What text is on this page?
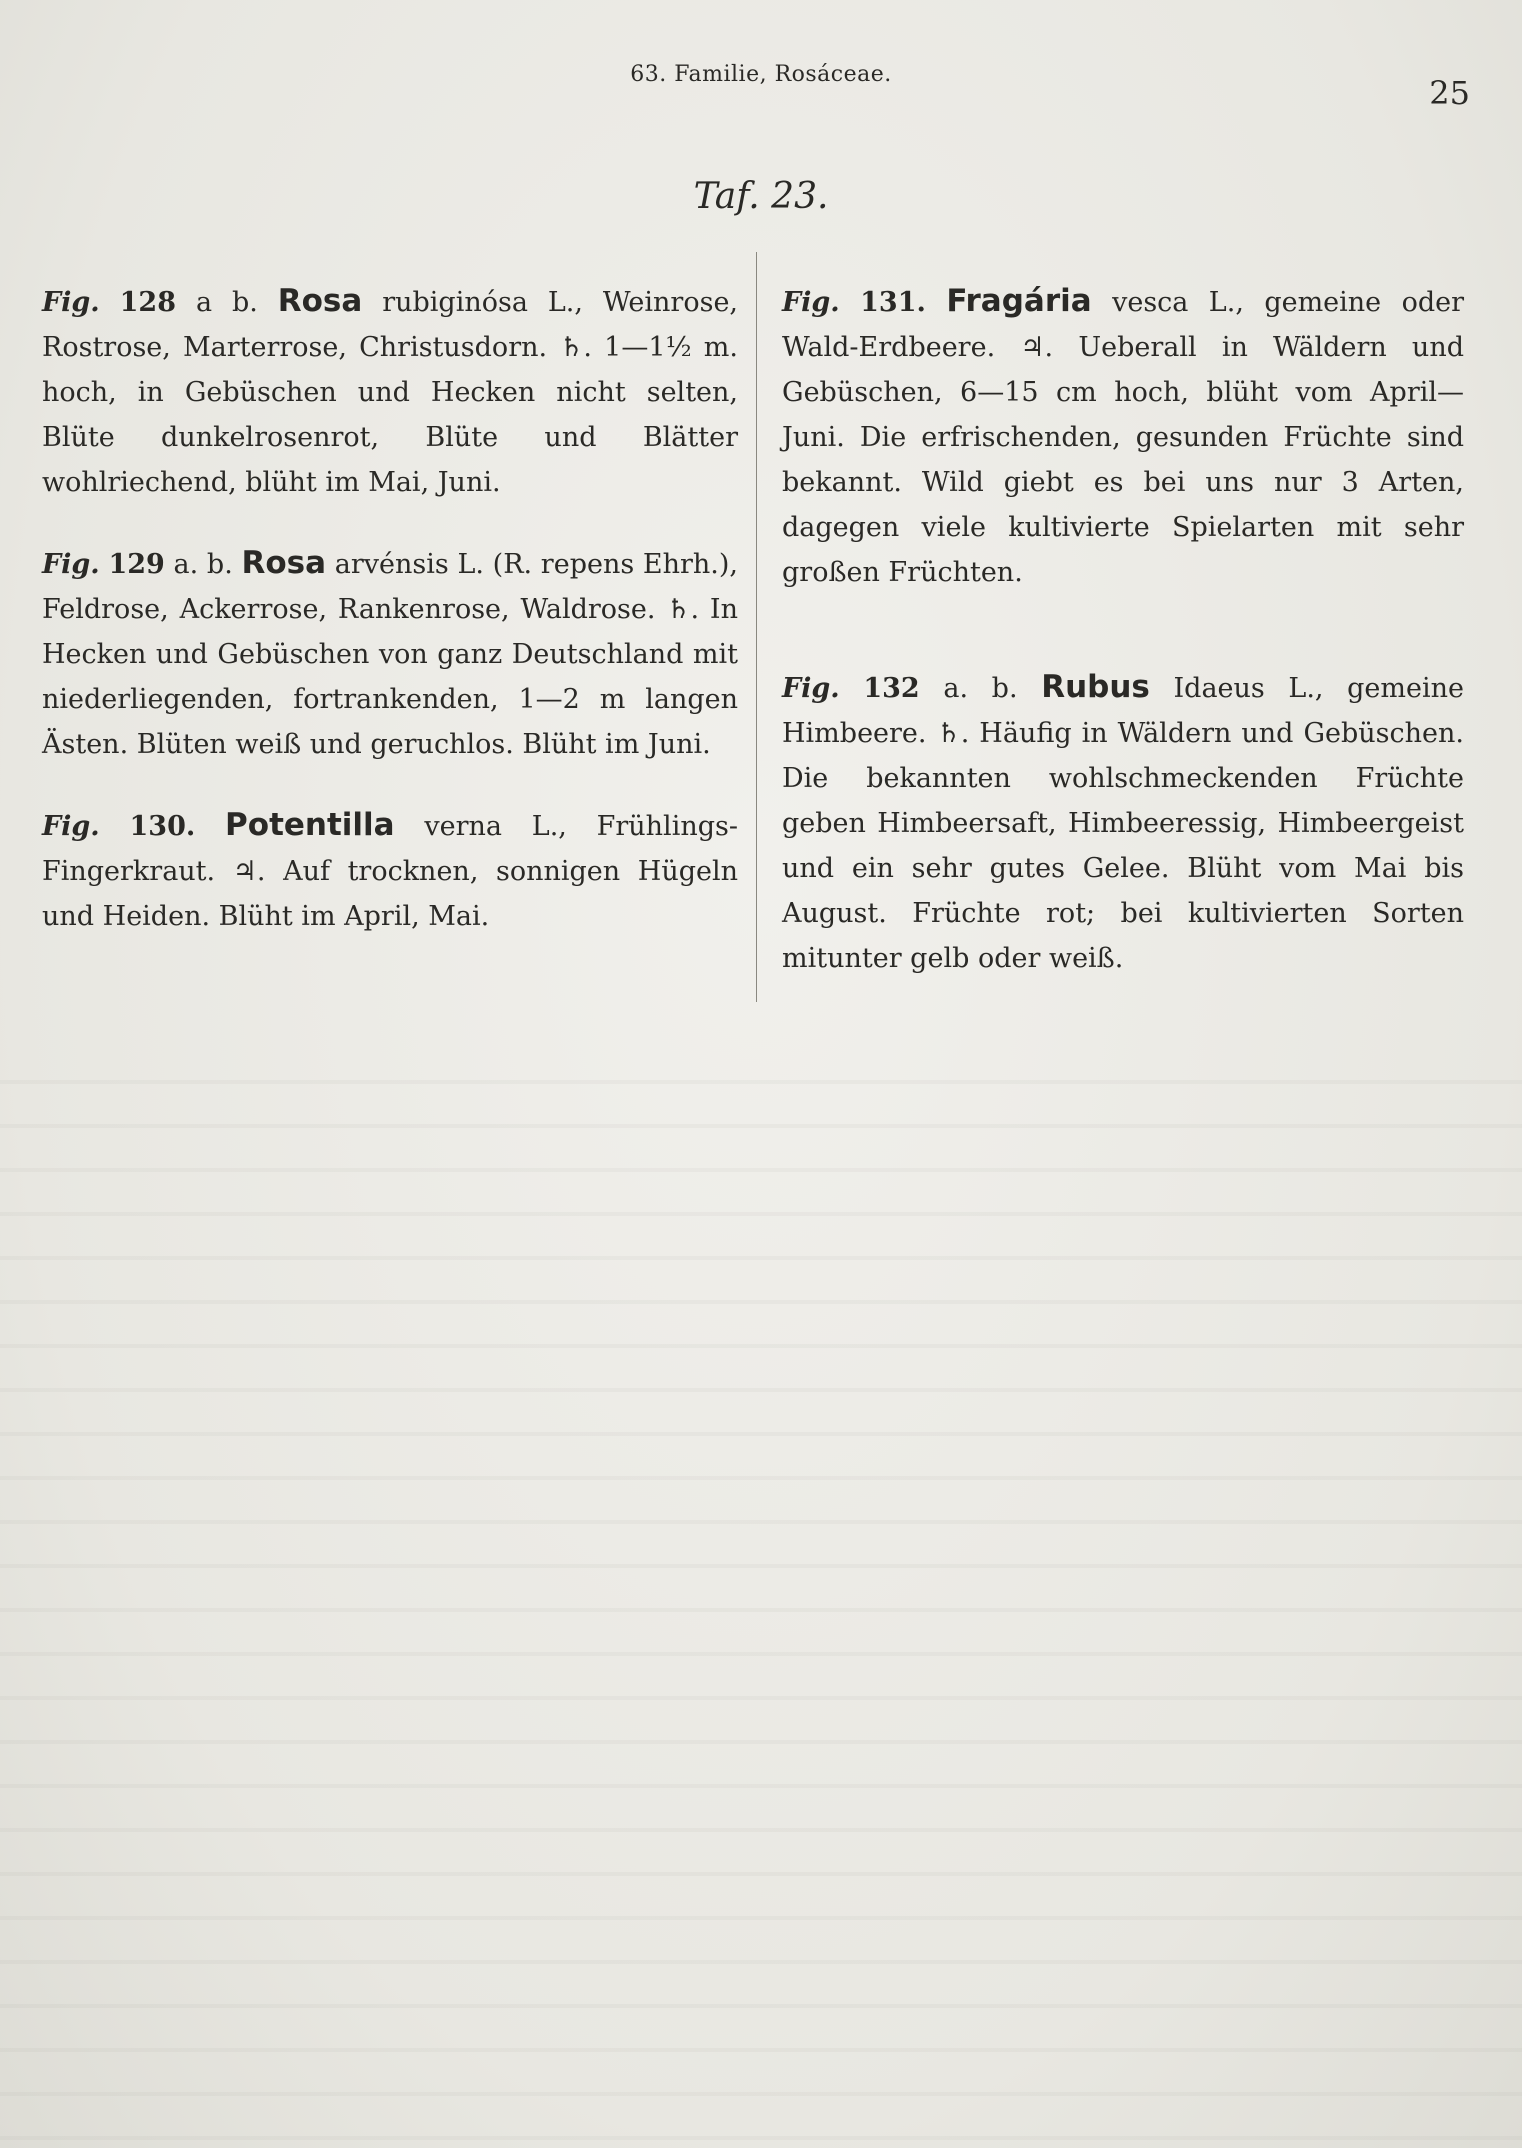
63. Familie, Rosáceae.	25
Taf. 23.

Fig. 128 a b. Rosa rubiginósa L., Weinrose, Rostrose, Marterrose, Christusdorn. ♄. 1—1½ m. hoch, in Gebüschen und Hecken nicht selten, Blüte dunkelrosenrot, Blüte und Blätter wohlriechend, blüht im Mai, Juni.

Fig. 129 a. b. Rosa arvénsis L. (R. repens Ehrh.), Feldrose, Ackerrose, Rankenrose, Waldrose. ♄. In Hecken und Gebüschen von ganz Deutschland mit niederliegenden, fortrankenden, 1—2 m langen Ästen. Blüten weiß und geruchlos. Blüht im Juni.

Fig. 130. Potentilla verna L., Frühlings-Fingerkraut. ♃. Auf trocknen, sonnigen Hügeln und Heiden. Blüht im April, Mai.

Fig. 131. Fragária vesca L., gemeine oder Wald-Erdbeere. ♃. Ueberall in Wäldern und Gebüschen, 6—15 cm hoch, blüht vom April—Juni. Die erfrischenden, gesunden Früchte sind bekannt. Wild giebt es bei uns nur 3 Arten, dagegen viele kultivierte Spielarten mit sehr großen Früchten.

Fig. 132 a. b. Rubus Idaeus L., gemeine Himbeere. ♄. Häufig in Wäldern und Gebüschen. Die bekannten wohlschmeckenden Früchte geben Himbeersaft, Himbeeressig, Himbeergeist und ein sehr gutes Gelee. Blüht vom Mai bis August. Früchte rot; bei kultivierten Sorten mitunter gelb oder weiß.
